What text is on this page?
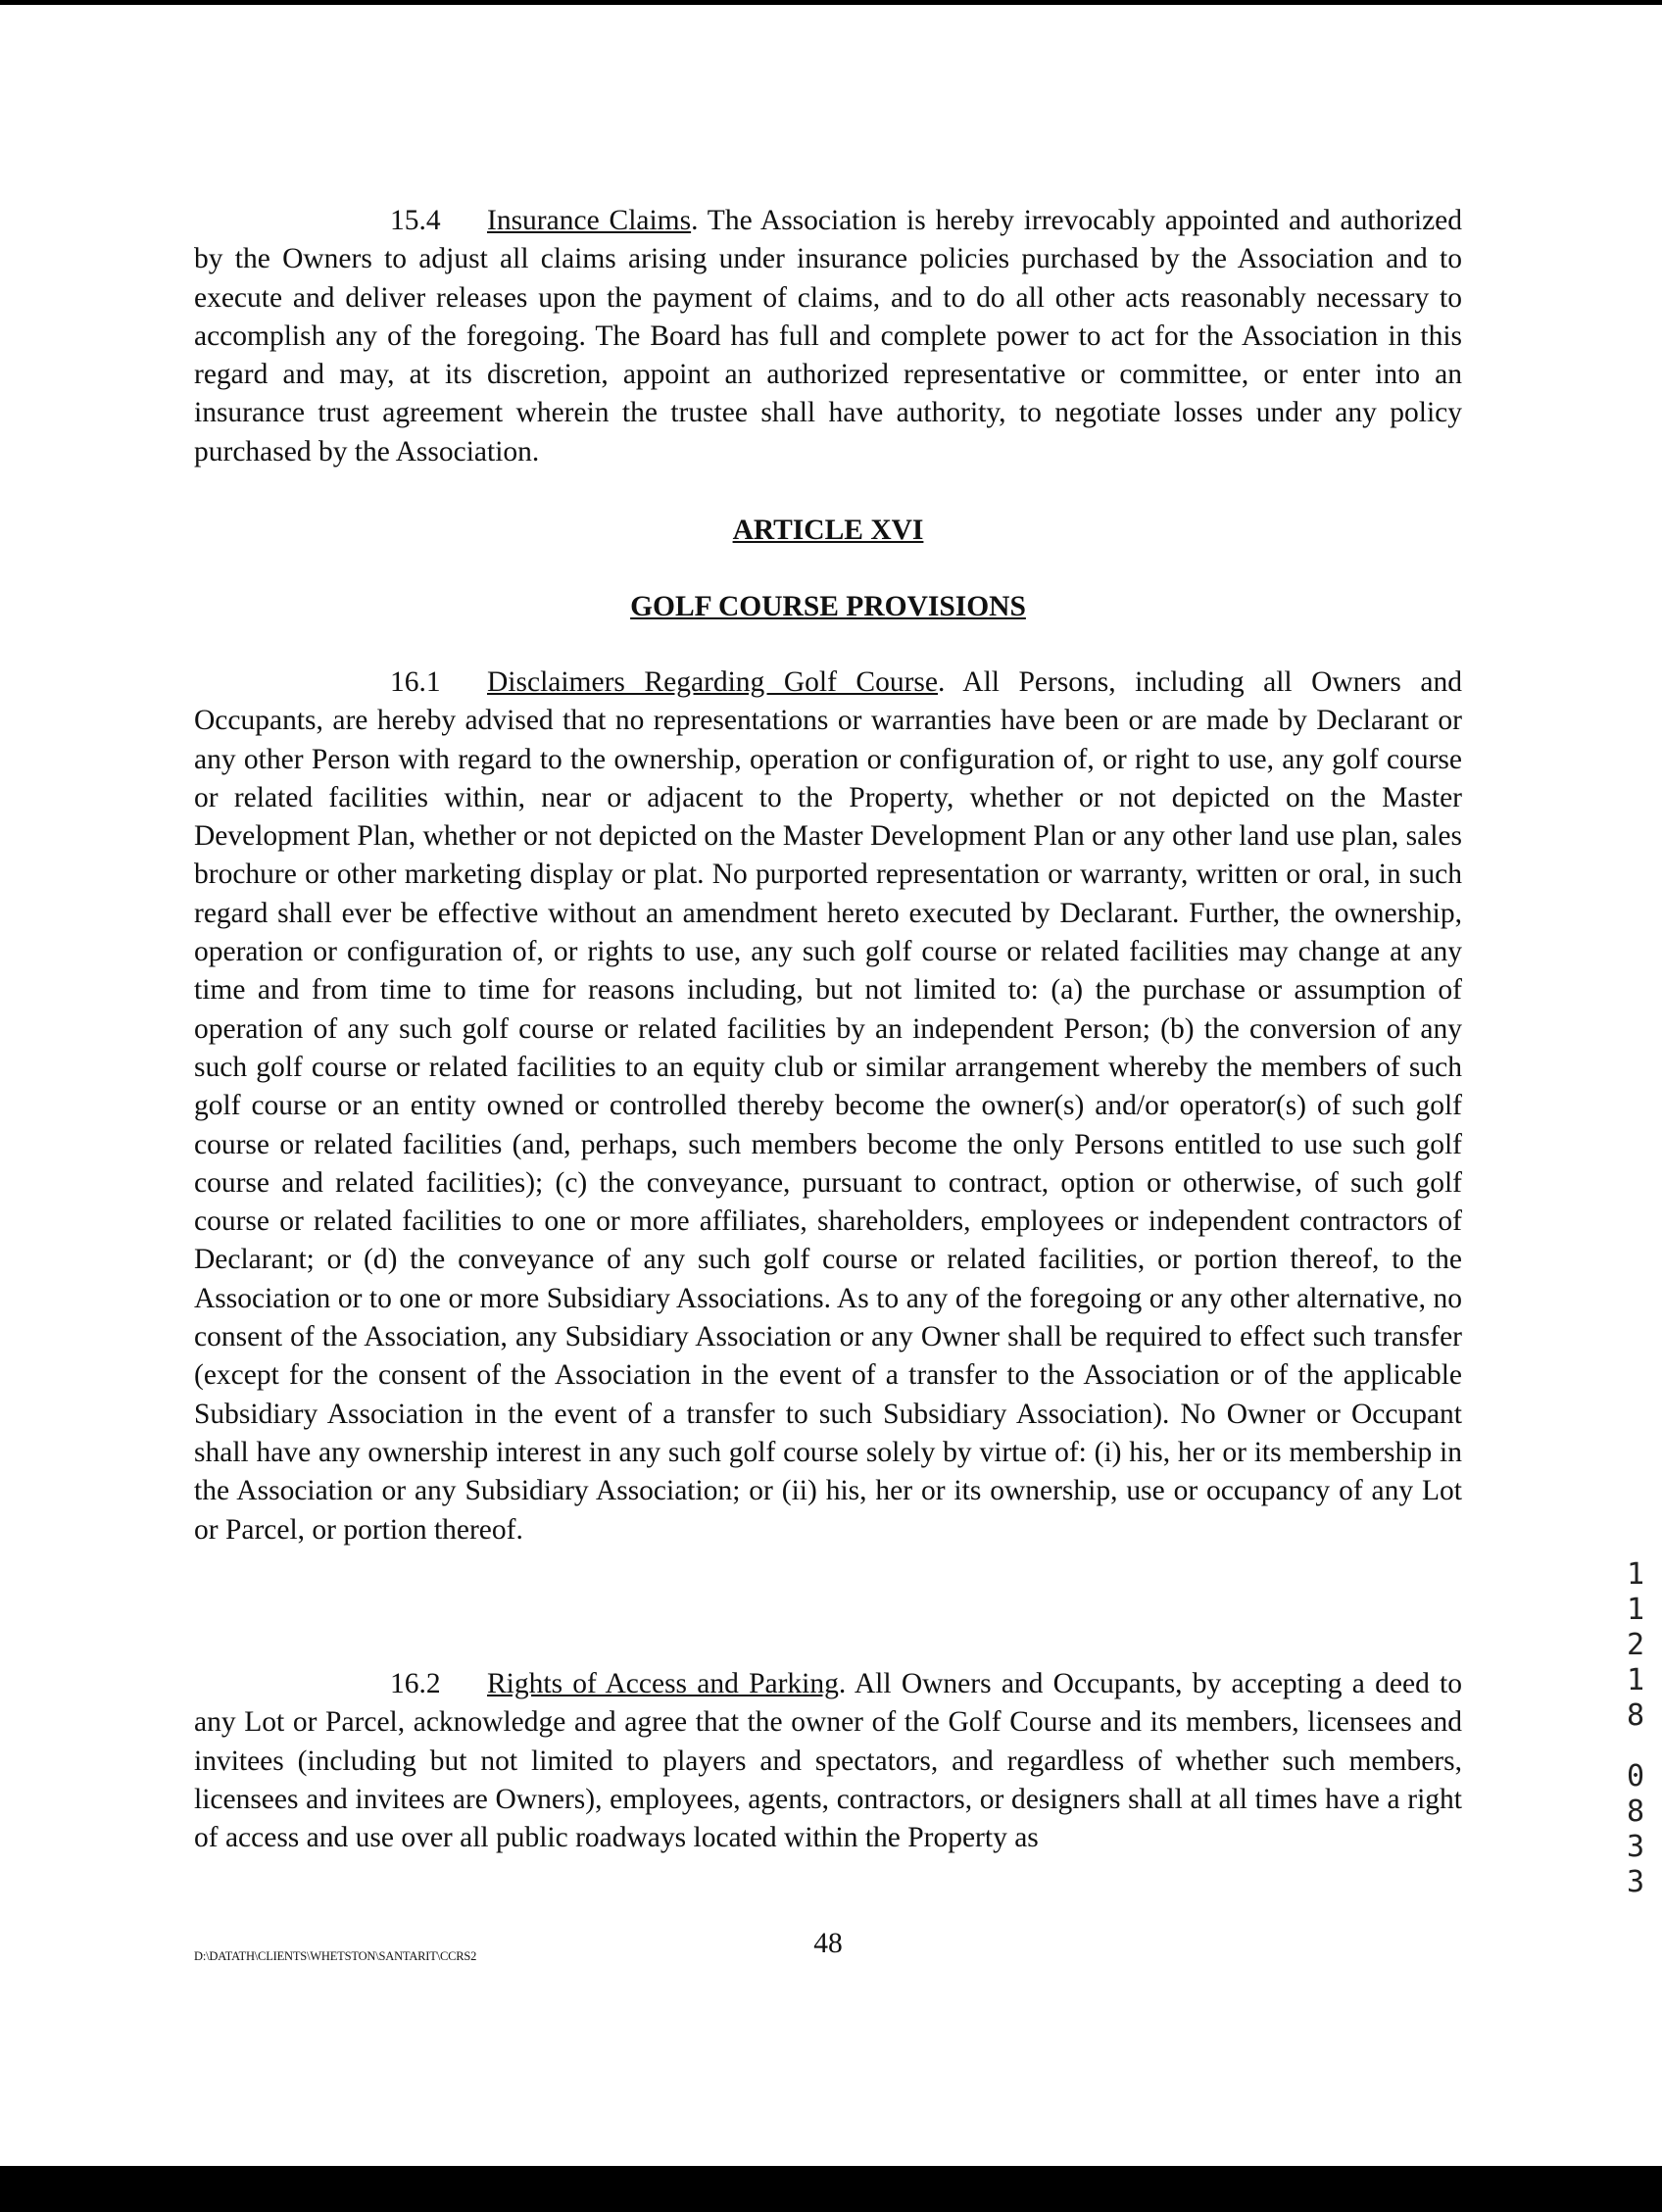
15.4 Insurance Claims. The Association is hereby irrevocably appointed and authorized by the Owners to adjust all claims arising under insurance policies purchased by the Association and to execute and deliver releases upon the payment of claims, and to do all other acts reasonably necessary to accomplish any of the foregoing. The Board has full and complete power to act for the Association in this regard and may, at its discretion, appoint an authorized representative or committee, or enter into an insurance trust agreement wherein the trustee shall have authority, to negotiate losses under any policy purchased by the Association.

ARTICLE XVI
GOLF COURSE PROVISIONS

16.1 Disclaimers Regarding Golf Course. All Persons, including all Owners and Occupants, are hereby advised that no representations or warranties have been or are made by Declarant or any other Person with regard to the ownership, operation or configuration of, or right to use, any golf course or related facilities within, near or adjacent to the Property, whether or not depicted on the Master Development Plan, whether or not depicted on the Master Development Plan or any other land use plan, sales brochure or other marketing display or plat. No purported representation or warranty, written or oral, in such regard shall ever be effective without an amendment hereto executed by Declarant. Further, the ownership, operation or configuration of, or rights to use, any such golf course or related facilities may change at any time and from time to time for reasons including, but not limited to: (a) the purchase or assumption of operation of any such golf course or related facilities by an independent Person; (b) the conversion of any such golf course or related facilities to an equity club or similar arrangement whereby the members of such golf course or an entity owned or controlled thereby become the owner(s) and/or operator(s) of such golf course or related facilities (and, perhaps, such members become the only Persons entitled to use such golf course and related facilities); (c) the conveyance, pursuant to contract, option or otherwise, of such golf course or related facilities to one or more affiliates, shareholders, employees or independent contractors of Declarant; or (d) the conveyance of any such golf course or related facilities, or portion thereof, to the Association or to one or more Subsidiary Associations. As to any of the foregoing or any other alternative, no consent of the Association, any Subsidiary Association or any Owner shall be required to effect such transfer (except for the consent of the Association in the event of a transfer to the Association or of the applicable Subsidiary Association in the event of a transfer to such Subsidiary Association). No Owner or Occupant shall have any ownership interest in any such golf course solely by virtue of: (i) his, her or its membership in the Association or any Subsidiary Association; or (ii) his, her or its ownership, use or occupancy of any Lot or Parcel, or portion thereof.

16.2 Rights of Access and Parking. All Owners and Occupants, by accepting a deed to any Lot or Parcel, acknowledge and agree that the owner of the Golf Course and its members, licensees and invitees (including but not limited to players and spectators, and regardless of whether such members, licensees and invitees are Owners), employees, agents, contractors, or designers shall at all times have a right of access and use over all public roadways located within the Property as

D:\DATATH\CLIENTS\WHETSTON\SANTARIT\CCRS2	48
1
1
2
1
8
0
8
3
3
